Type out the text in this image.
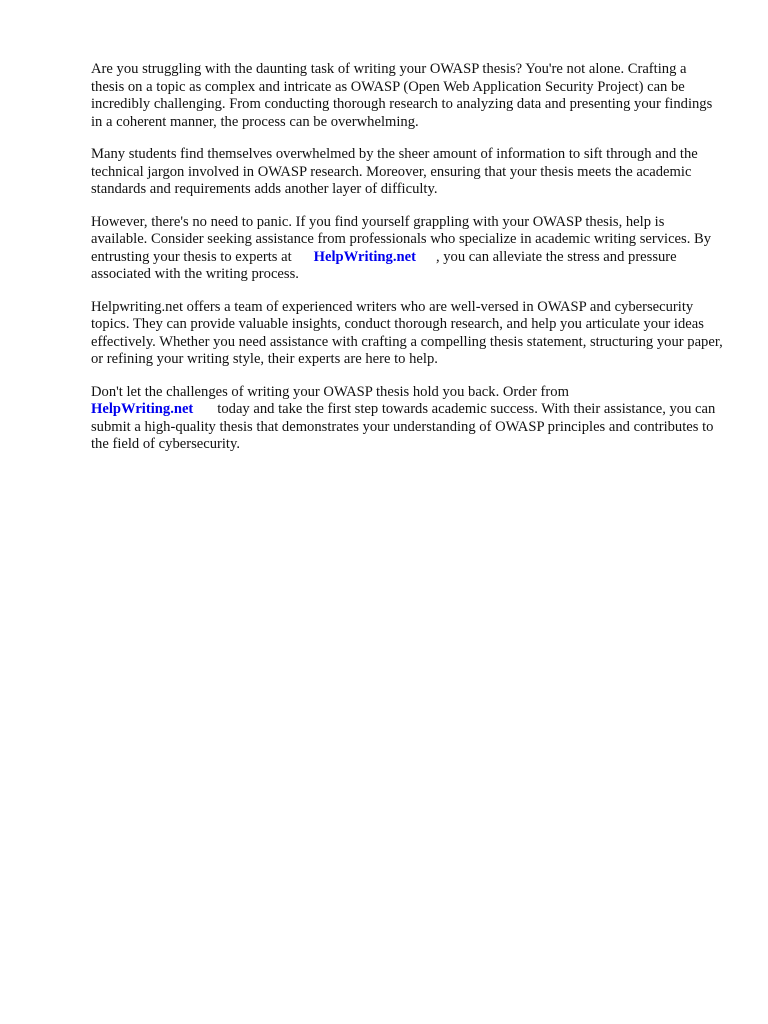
Are you struggling with the daunting task of writing your OWASP thesis? You're not alone. Crafting a thesis on a topic as complex and intricate as OWASP (Open Web Application Security Project) can be incredibly challenging. From conducting thorough research to analyzing data and presenting your findings in a coherent manner, the process can be overwhelming.

Many students find themselves overwhelmed by the sheer amount of information to sift through and the technical jargon involved in OWASP research. Moreover, ensuring that your thesis meets the academic standards and requirements adds another layer of difficulty.

However, there's no need to panic. If you find yourself grappling with your OWASP thesis, help is available. Consider seeking assistance from professionals who specialize in academic writing services. By entrusting your thesis to experts at HelpWriting.net , you can alleviate the stress and pressure associated with the writing process.

Helpwriting.net offers a team of experienced writers who are well-versed in OWASP and cybersecurity topics. They can provide valuable insights, conduct thorough research, and help you articulate your ideas effectively. Whether you need assistance with crafting a compelling thesis statement, structuring your paper, or refining your writing style, their experts are here to help.

Don't let the challenges of writing your OWASP thesis hold you back. Order from
HelpWriting.net today and take the first step towards academic success. With their assistance, you can submit a high-quality thesis that demonstrates your understanding of OWASP principles and contributes to the field of cybersecurity.
